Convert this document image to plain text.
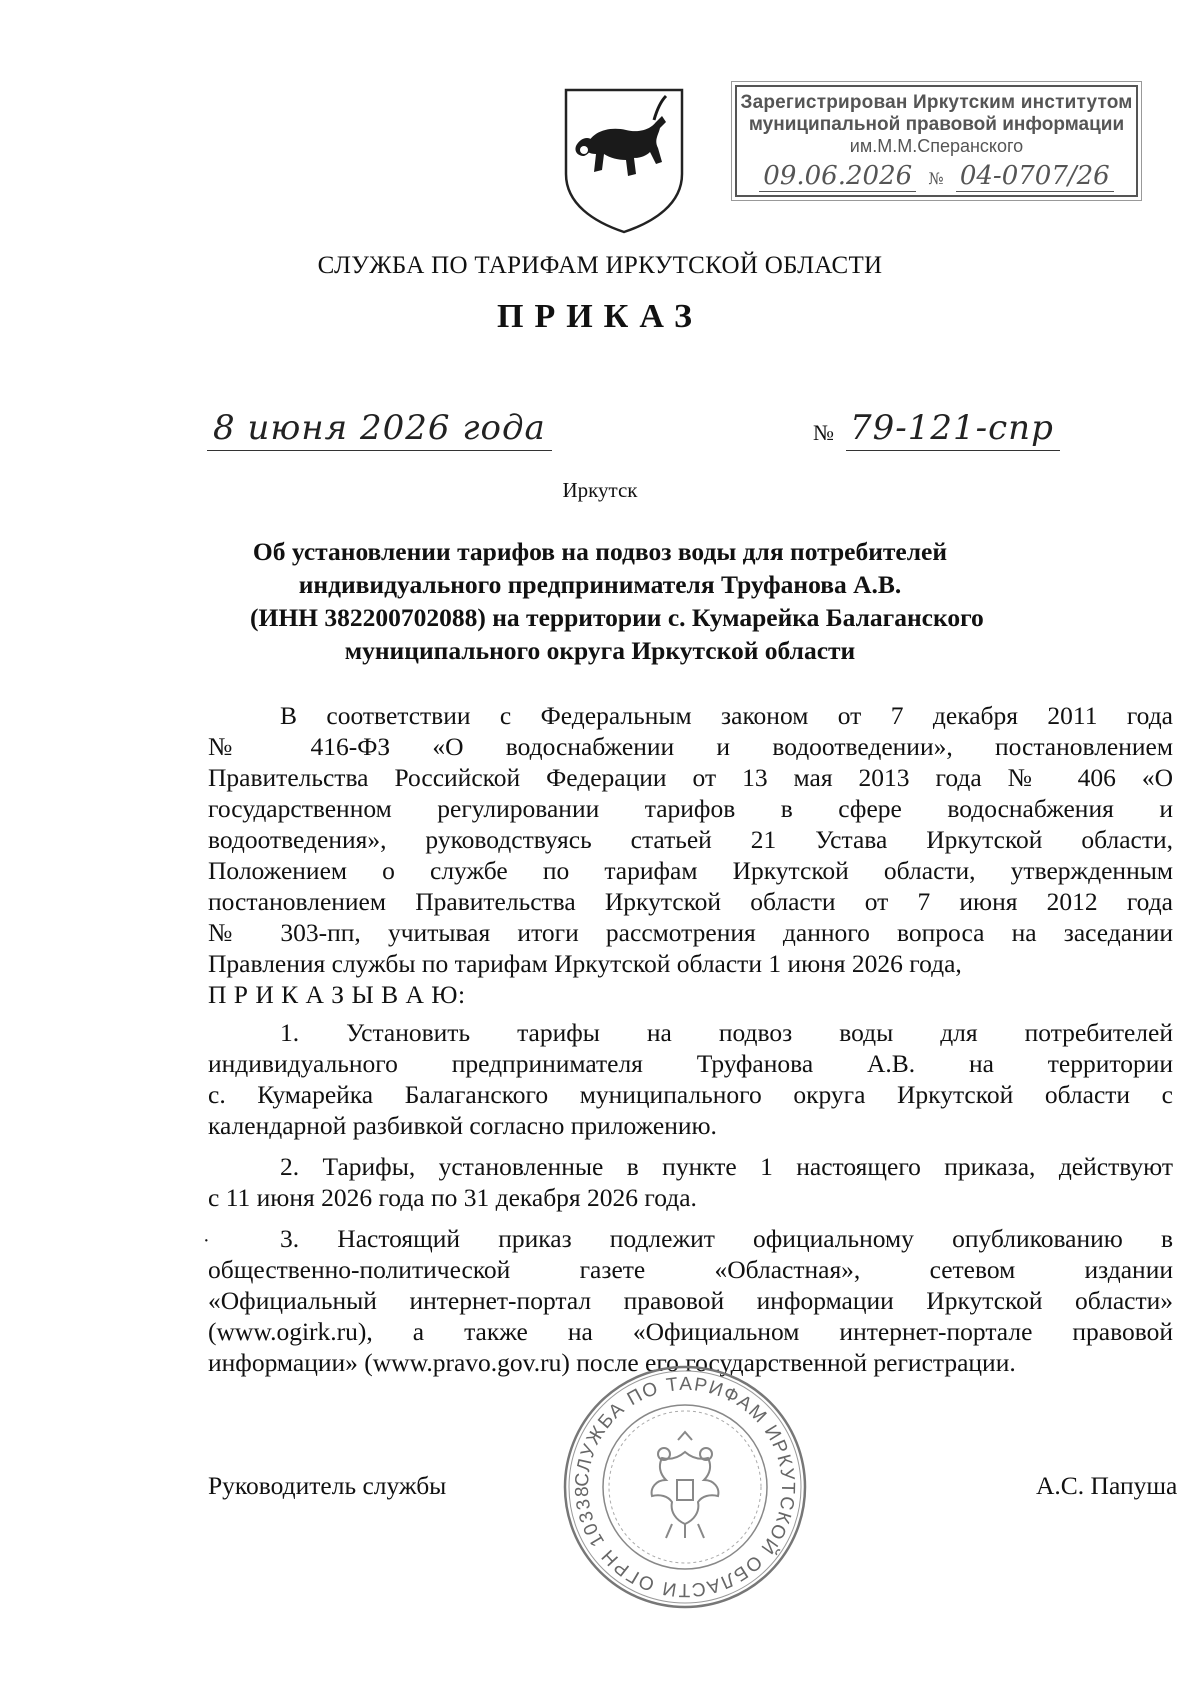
Зарегистрирован Иркутским институтом
муниципальной правовой информации
им.М.М.Сперанского
09.06.2026 № 04-0707/26
СЛУЖБА ПО ТАРИФАМ ИРКУТСКОЙ ОБЛАСТИ
ПРИКАЗ
8 июня 2026 года	№ 79-121-спр
Иркутск
Об установлении тарифов на подвоз воды для потребителей
индивидуального предпринимателя Труфанова А.В.
(ИНН 382200702088) на территории с. Кумарейка Балаганского
муниципального округа Иркутской области
В соответствии с Федеральным законом от 7 декабря 2011 года
№ 416-ФЗ «О водоснабжении и водоотведении», постановлением
Правительства Российской Федерации от 13 мая 2013 года № 406 «О
государственном регулировании тарифов в сфере водоснабжения и
водоотведения», руководствуясь статьей 21 Устава Иркутской области,
Положением о службе по тарифам Иркутской области, утвержденным
постановлением Правительства Иркутской области от 7 июня 2012 года
№ 303-пп, учитывая итоги рассмотрения данного вопроса на заседании
Правления службы по тарифам Иркутской области 1 июня 2026 года,
П Р И К А З Ы В А Ю:
1. Установить тарифы на подвоз воды для потребителей
индивидуального предпринимателя Труфанова А.В. на территории
с. Кумарейка Балаганского муниципального округа Иркутской области с
календарной разбивкой согласно приложению.
2. Тарифы, установленные в пункте 1 настоящего приказа, действуют
с 11 июня 2026 года по 31 декабря 2026 года.
·	3. Настоящий приказ подлежит официальному опубликованию в
общественно-политической газете «Областная», сетевом издании
«Официальный интернет-портал правовой информации Иркутской области»
(www.ogirk.ru), а также на «Официальном интернет-портале правовой
информации» (www.pravo.gov.ru) после его государственной регистрации.
СЛУЖБА ПО ТАРИФАМ ИРКУТСКОЙ ОБЛАСТИ ОГРН 10338
Руководитель службы	А.С. Папуша
